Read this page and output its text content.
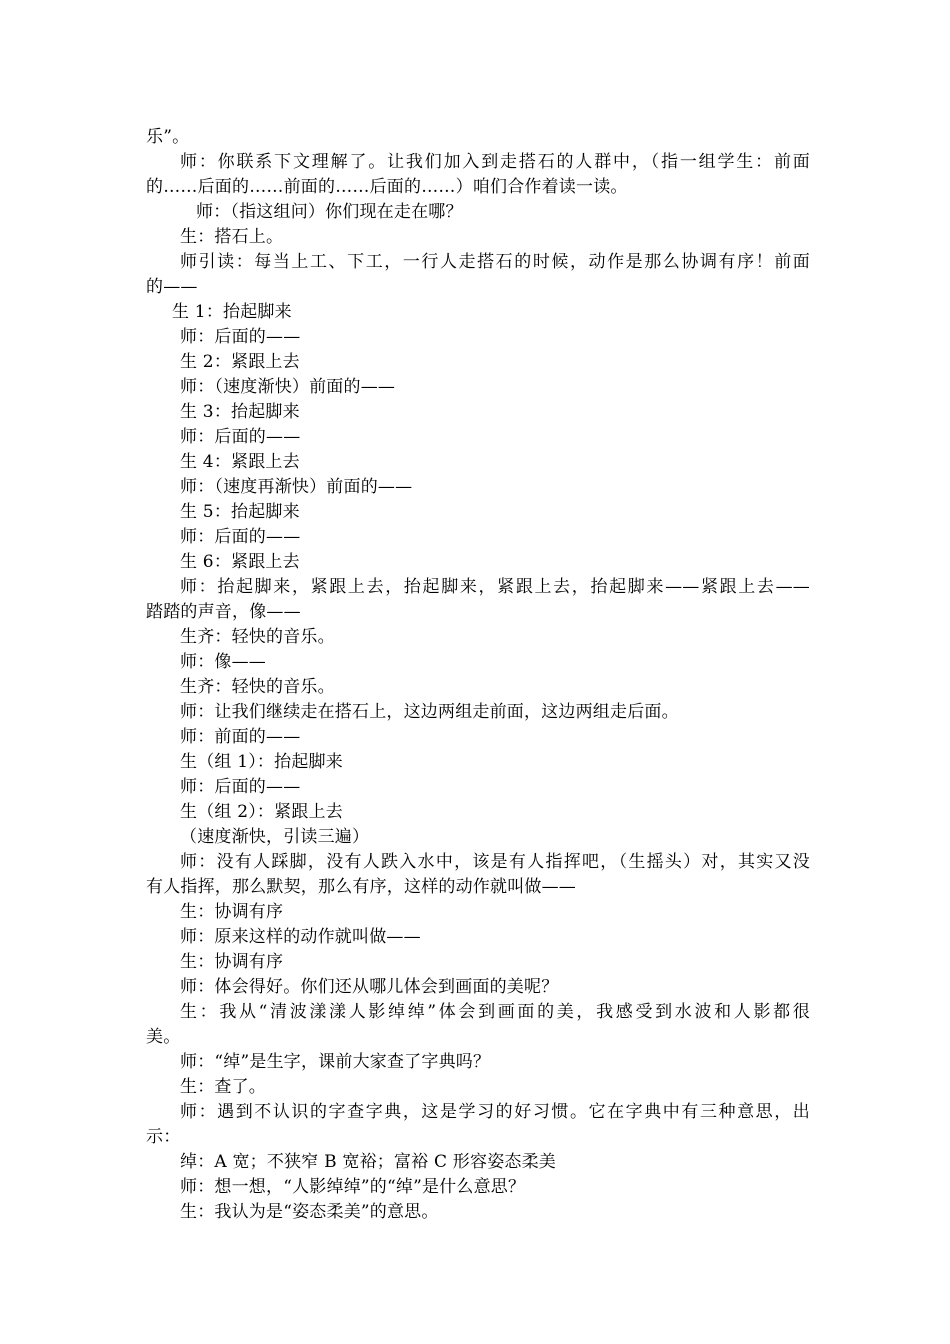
乐”。
师：你联系下文理解了。让我们加入到走搭石的人群中，（指一组学生：前面
的……后面的……前面的……后面的……）咱们合作着读一读。
师：（指这组问）你们现在走在哪？
生：搭石上。
师引读：每当上工、下工，一行人走搭石的时候，动作是那么协调有序！前面
的——
生 1：抬起脚来
师：后面的——
生 2：紧跟上去
师：（速度渐快）前面的——
生 3：抬起脚来
师：后面的——
生 4：紧跟上去
师：（速度再渐快）前面的——
生 5：抬起脚来
师：后面的——
生 6：紧跟上去
师：抬起脚来，紧跟上去，抬起脚来，紧跟上去，抬起脚来——紧跟上去——
踏踏的声音，像——
生齐：轻快的音乐。
师：像——
生齐：轻快的音乐。
师：让我们继续走在搭石上，这边两组走前面，这边两组走后面。
师：前面的——
生（组 1）：抬起脚来
师：后面的——
生（组 2）：紧跟上去
（速度渐快，引读三遍）
师：没有人踩脚，没有人跌入水中，该是有人指挥吧，（生摇头）对，其实又没
有人指挥，那么默契，那么有序，这样的动作就叫做——
生：协调有序
师：原来这样的动作就叫做——
生：协调有序
师：体会得好。你们还从哪儿体会到画面的美呢？
生：我从“清波漾漾人影绰绰”体会到画面的美，我感受到水波和人影都很
美。
师：“绰”是生字，课前大家查了字典吗？
生：查了。
师：遇到不认识的字查字典，这是学习的好习惯。它在字典中有三种意思，出
示：
绰：A 宽；不狭窄 B 宽裕；富裕 C 形容姿态柔美
师：想一想，“人影绰绰”的“绰”是什么意思？
生：我认为是“姿态柔美”的意思。
